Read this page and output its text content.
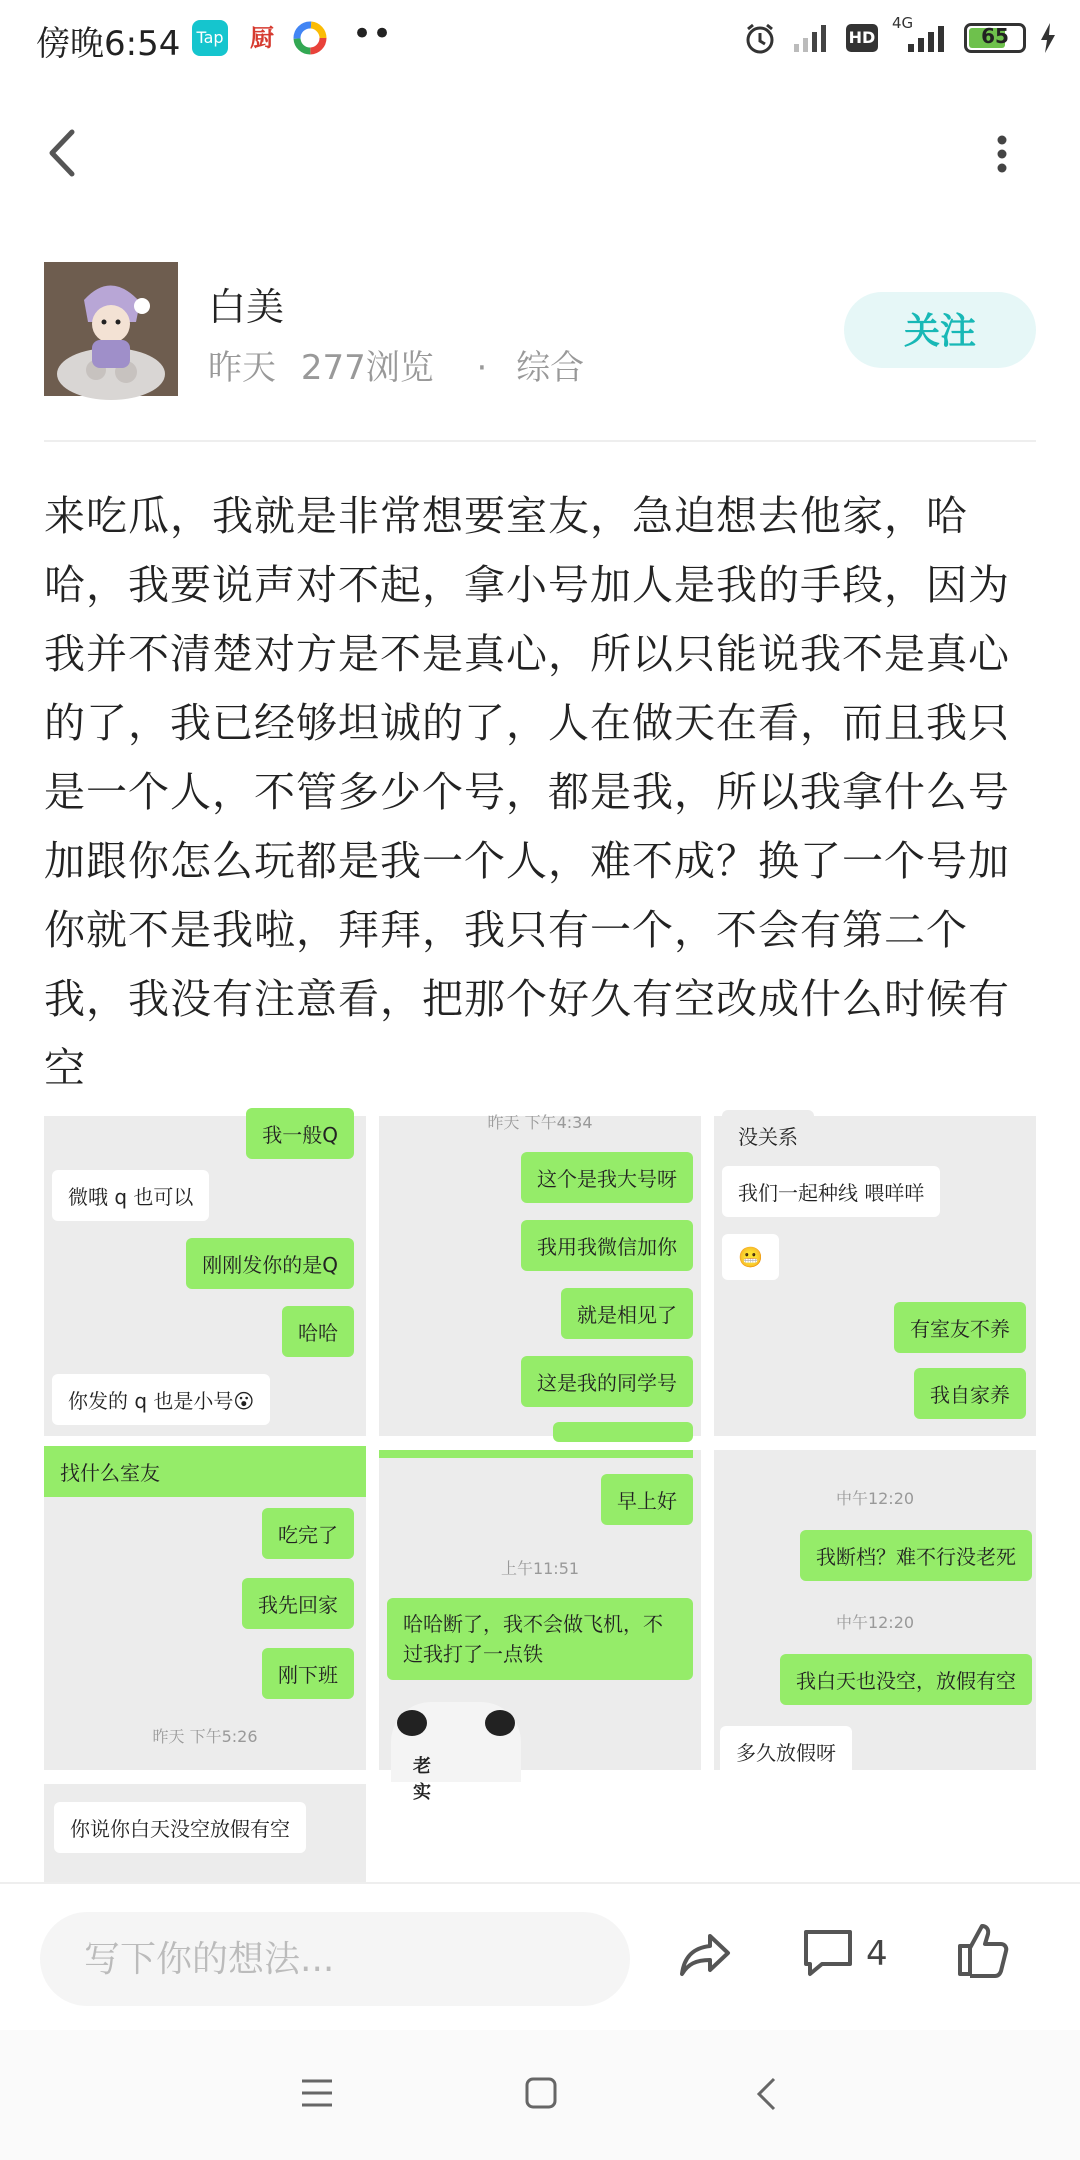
傍晚6:54 Tap 厨 ••	HD
4G
65
白美
昨天 277浏览 · 综合
关注
来吃瓜，我就是非常想要室友，急迫想去他家，哈哈，我要说声对不起，拿小号加人是我的手段，因为我并不清楚对方是不是真心，所以只能说我不是真心的了，我已经够坦诚的了，人在做天在看，而且我只是一个人，不管多少个号，都是我，所以我拿什么号加跟你怎么玩都是我一个人，难不成？换了一个号加你就不是我啦，拜拜，我只有一个，不会有第二个我，我没有注意看，把那个好久有空改成什么时候有空
我一般Q
微哦 q 也可以
刚刚发你的是Q
哈哈
你发的 q 也是小号😮
昨天 下午4:34
这个是我大号呀
我用我微信加你
就是相见了
这是我的同学号
没关系
我们一起种线 喂咩咩
😬
有室友不养
我自家养
找什么室友
吃完了
我先回家
刚下班
昨天 下午5:26
早上好
上午11:51
哈哈断了，我不会做飞机，不过我打了一点铁
老 实
中午12:20
我断档？难不行没老死
中午12:20
我白天也没空，放假有空
多久放假呀
你说你白天没空放假有空
写下你的想法...
4
